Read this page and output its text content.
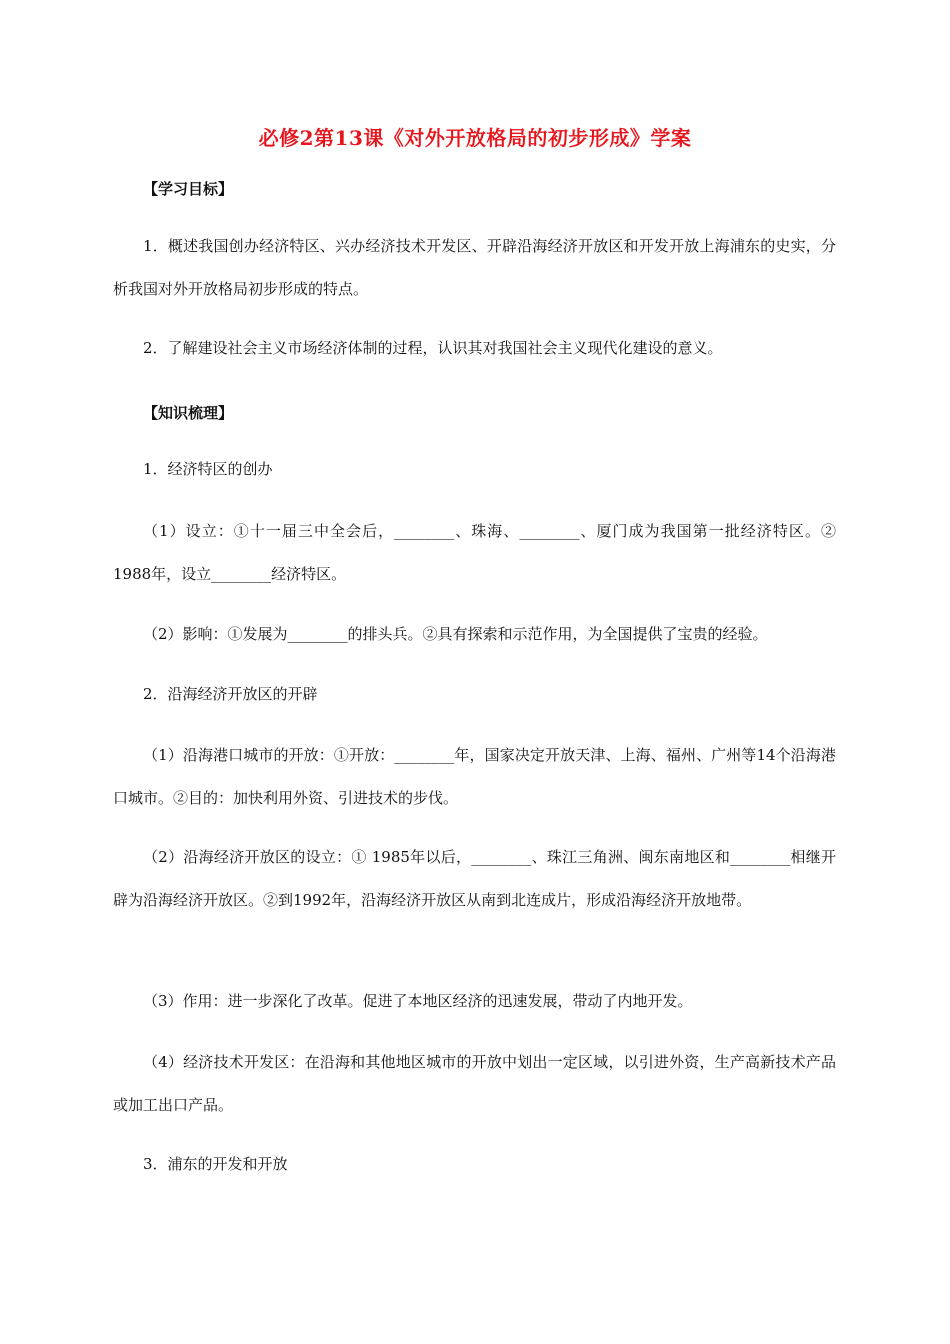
必修2第13课《对外开放格局的初步形成》学案
【学习目标】

1．概述我国创办经济特区、兴办经济技术开发区、开辟沿海经济开放区和开发开放上海浦东的史实，分析我国对外开放格局初步形成的特点。

2．了解建设社会主义市场经济体制的过程，认识其对我国社会主义现代化建设的意义。

【知识梳理】

1．经济特区的创办

（1）设立：①十一届三中全会后，________、珠海、________、厦门成为我国第一批经济特区。② 1988年，设立________经济特区。

（2）影响：①发展为________的排头兵。②具有探索和示范作用，为全国提供了宝贵的经验。

2．沿海经济开放区的开辟

（1）沿海港口城市的开放：①开放：________年，国家决定开放天津、上海、福州、广州等14个沿海港口城市。②目的：加快利用外资、引进技术的步伐。

（2）沿海经济开放区的设立：① 1985年以后，________、珠江三角洲、闽东南地区和________相继开辟为沿海经济开放区。②到1992年，沿海经济开放区从南到北连成片，形成沿海经济开放地带。

（3）作用：进一步深化了改革。促进了本地区经济的迅速发展，带动了内地开发。

（4）经济技术开发区：在沿海和其他地区城市的开放中划出一定区域，以引进外资，生产高新技术产品或加工出口产品。

3．浦东的开发和开放
